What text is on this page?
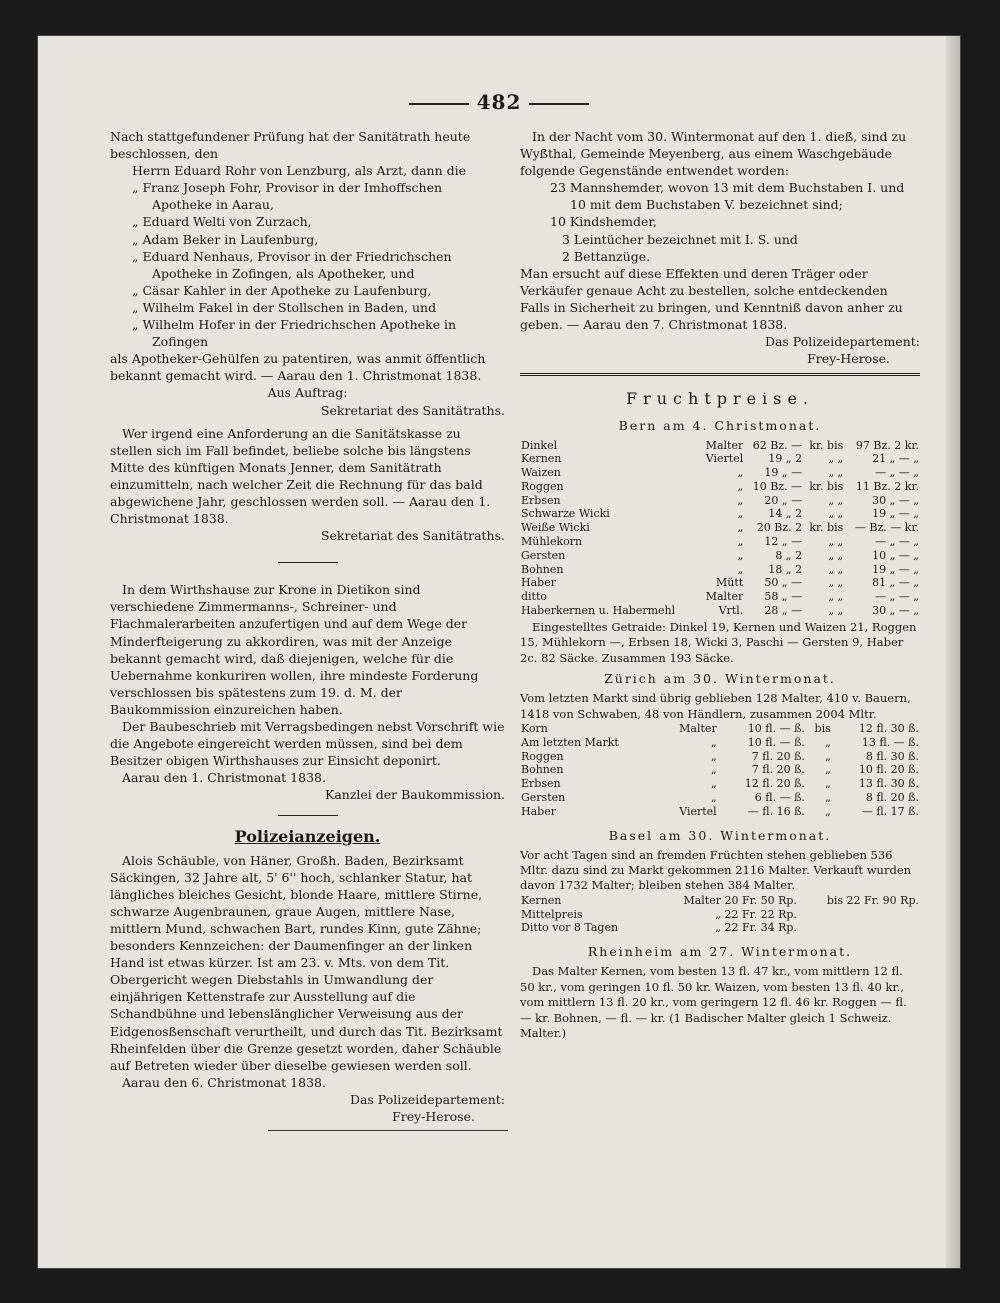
482

Nach stattgefundener Prüfung hat der Sanitätrath heute beschlossen, den

Herrn Eduard Rohr von Lenzburg, als Arzt, dann die

„ Franz Joseph Fohr, Provisor in der Imhoffschen Apotheke in Aarau,

„ Eduard Welti von Zurzach,

„ Adam Beker in Laufenburg,

„ Eduard Nenhaus, Provisor in der Friedrichschen Apotheke in Zofingen, als Apotheker, und

„ Cäsar Kahler in der Apotheke zu Laufenburg,

„ Wilhelm Fakel in der Stollschen in Baden, und

„ Wilhelm Hofer in der Friedrichschen Apotheke in Zofingen

als Apotheker-Gehülfen zu patentiren, was anmit öffentlich bekannt gemacht wird. — Aarau den 1. Christmonat 1838.

Aus Auftrag:

Sekretariat des Sanitätraths.

Wer irgend eine Anforderung an die Sanitätskasse zu stellen sich im Fall befindet, beliebe solche bis längstens Mitte des künftigen Monats Jenner, dem Sanitätrath einzumitteln, nach welcher Zeit die Rechnung für das bald abgewichene Jahr, geschlossen werden soll. — Aarau den 1. Christmonat 1838.

Sekretariat des Sanitätraths.

In dem Wirthshause zur Krone in Dietikon sind verschiedene Zimmermanns-, Schreiner- und Flachmalerarbeiten anzufertigen und auf dem Wege der Minderfteigerung zu akkordiren, was mit der Anzeige bekannt gemacht wird, daß diejenigen, welche für die Uebernahme konkuriren wollen, ihre mindeste Forderung verschlossen bis spätestens zum 19. d. M. der Baukommission einzureichen haben.

Der Baubeschrieb mit Verragsbedingen nebst Vorschrift wie die Angebote eingereicht werden müssen, sind bei dem Besitzer obigen Wirthshauses zur Einsicht deponirt.

Aarau den 1. Christmonat 1838.

Kanzlei der Baukommission.

Polizeianzeigen.

Alois Schäuble, von Häner, Großh. Baden, Bezirksamt Säckingen, 32 Jahre alt, 5' 6'' hoch, schlanker Statur, hat längliches bleiches Gesicht, blonde Haare, mittlere Stirne, schwarze Augenbraunen, graue Augen, mittlere Nase, mittlern Mund, schwachen Bart, rundes Kinn, gute Zähne; besonders Kennzeichen: der Daumenfinger an der linken Hand ist etwas kürzer. Ist am 23. v. Mts. von dem Tit. Obergericht wegen Diebstahls in Umwandlung der einjährigen Kettenstrafe zur Ausstellung auf die Schandbühne und lebenslänglicher Verweisung aus der Eidgenosßenschaft verurtheilt, und durch das Tit. Bezirksamt Rheinfelden über die Grenze gesetzt worden, daher Schäuble auf Betreten wieder über dieselbe gewiesen werden soll.

Aarau den 6. Christmonat 1838.

Das Polizeidepartement:

Frey-Herose.

In der Nacht vom 30. Wintermonat auf den 1. dieß, sind zu Wyßthal, Gemeinde Meyenberg, aus einem Waschgebäude folgende Gegenstände entwendet worden:

23 Mannshemder, wovon 13 mit dem Buchstaben I. und 10 mit dem Buchstaben V. bezeichnet sind;

10 Kindshemder,

3 Leintücher bezeichnet mit I. S. und

2 Bettanzüge.

Man ersucht auf diese Effekten und deren Träger oder Verkäufer genaue Acht zu bestellen, solche entdeckenden Falls in Sicherheit zu bringen, und Kenntniß davon anher zu geben. — Aarau den 7. Christmonat 1838.

Das Polizeidepartement:

Frey-Herose.

Fruchtpreise.
Bern am 4. Christmonat.
Dinkel	Malter	62 Bz. —	kr. bis	97 Bz. 2 kr.
Kernen	Viertel	19 „ 2	„ „	21 „ — „
Waizen	„	19 „ —	„ „	— „ — „
Roggen	„	10 Bz. —	kr. bis	11 Bz. 2 kr.
Erbsen	„	20 „ —	„ „	30 „ — „
Schwarze Wicki	„	14 „ 2	„ „	19 „ — „
Weiße Wicki	„	20 Bz. 2	kr. bis	— Bz. — kr.
Mühlekorn	„	12 „ —	„ „	— „ — „
Gersten	„	8 „ 2	„ „	10 „ — „
Bohnen	„	18 „ 2	„ „	19 „ — „
Haber	Mütt	50 „ —	„ „	81 „ — „
ditto	Malter	58 „ —	„ „	— „ — „
Haberkernen u. Habermehl	Vrtl.	28 „ —	„ „	30 „ — „

Eingestelltes Getraide: Dinkel 19, Kernen und Waizen 21, Roggen 15, Mühlekorn —, Erbsen 18, Wicki 3, Paschi — Gersten 9, Haber 2c. 82 Säcke. Zusammen 193 Säcke.

Zürich am 30. Wintermonat.

Vom letzten Markt sind übrig geblieben 128 Malter, 410 v. Bauern, 1418 von Schwaben, 48 von Händlern, zusammen 2004 Mltr.

Korn	Malter	10 fl. — ß.	bis	12 fl. 30 ß.
Am letzten Markt	„	10 fl. — ß.	„	13 fl. — ß.
Roggen	„	7 fl. 20 ß.	„	8 fl. 30 ß.
Bohnen	„	7 fl. 20 ß.	„	10 fl. 20 ß.
Erbsen	„	12 fl. 20 ß.	„	13 fl. 30 ß.
Gersten	„	6 fl. — ß.	„	8 fl. 20 ß.
Haber	Viertel	— fl. 16 ß.	„	— fl. 17 ß.
Basel am 30. Wintermonat.

Vor acht Tagen sind an fremden Früchten stehen geblieben 536 Mltr. dazu sind zu Markt gekommen 2116 Malter. Verkauft wurden davon 1732 Malter; bleiben stehen 384 Malter.

Kernen	Malter 20 Fr. 50 Rp.	bis 22 Fr. 90 Rp.
Mittelpreis	„ 22 Fr. 22 Rp.	
Ditto vor 8 Tagen	„ 22 Fr. 34 Rp.	
Rheinheim am 27. Wintermonat.

Das Malter Kernen, vom besten 13 fl. 47 kr., vom mittlern 12 fl. 50 kr., vom geringen 10 fl. 50 kr. Waizen, vom besten 13 fl. 40 kr., vom mittlern 13 fl. 20 kr., vom geringern 12 fl. 46 kr. Roggen — fl. — kr. Bohnen, — fl. — kr. (1 Badischer Malter gleich 1 Schweiz. Malter.)
